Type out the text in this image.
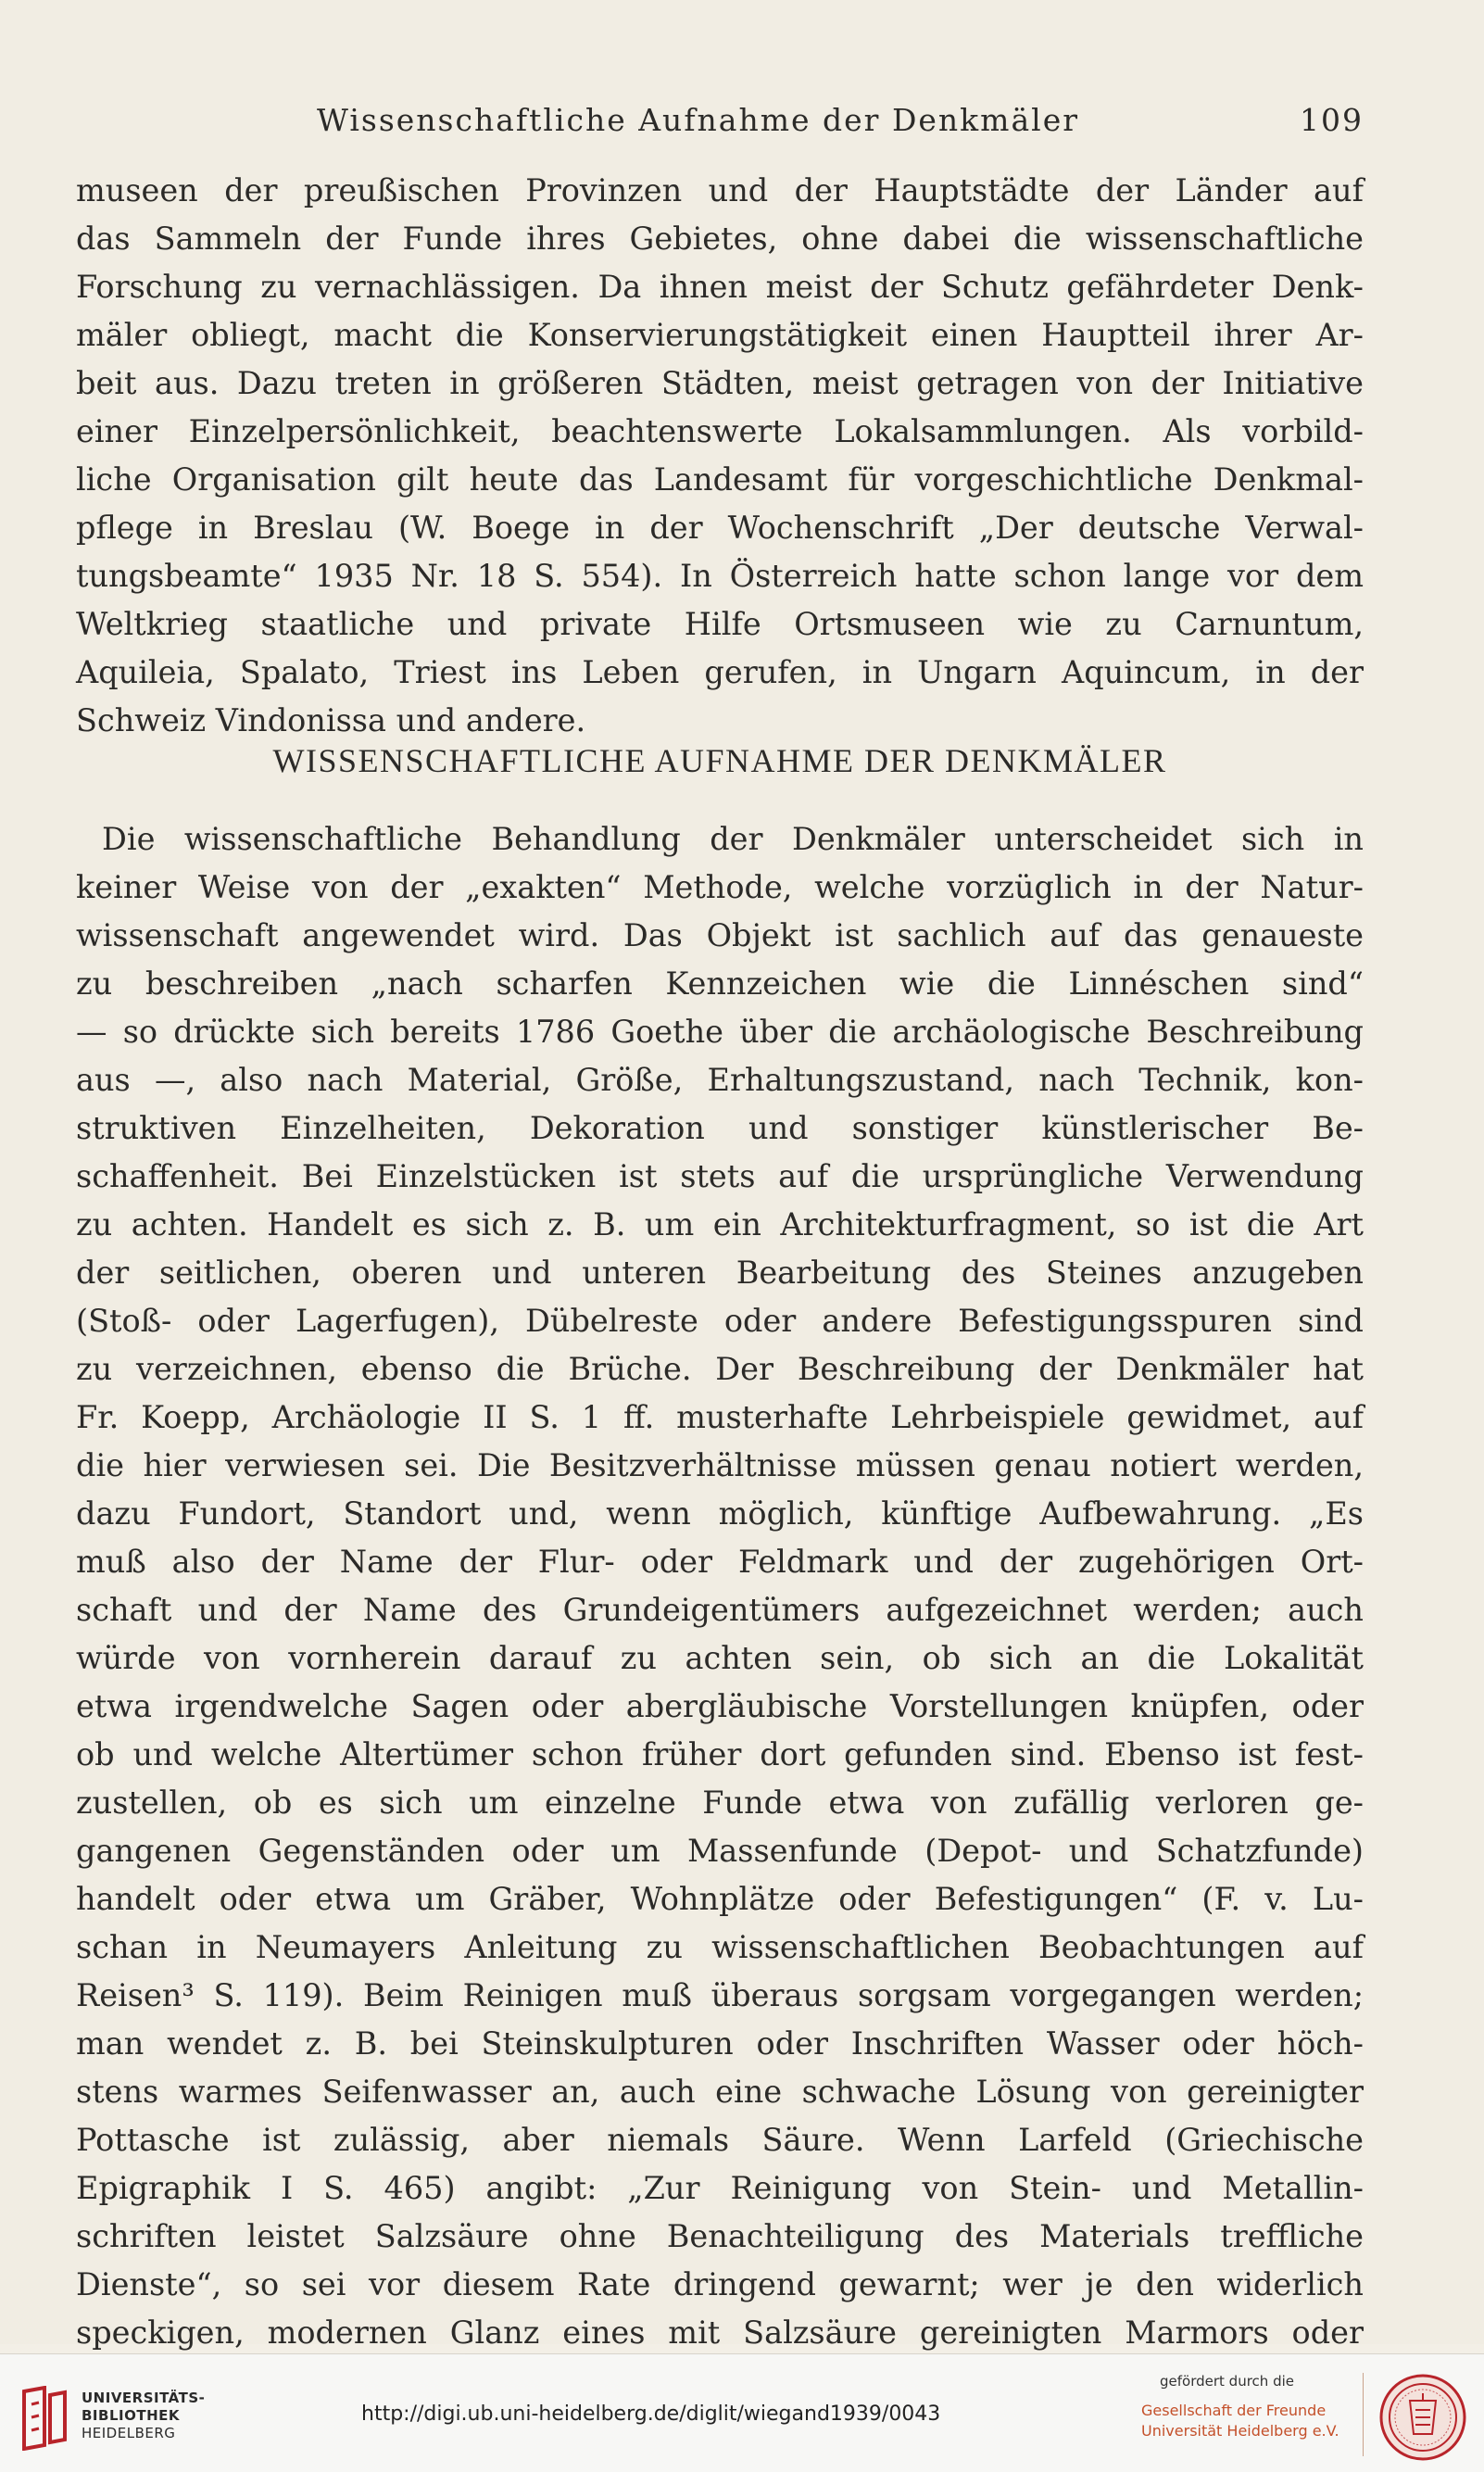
Wissenschaftliche Aufnahme der Denkmäler	109
museen der preußischen Provinzen und der Hauptstädte der Länder auf
das Sammeln der Funde ihres Gebietes, ohne dabei die wissenschaftliche
Forschung zu vernachlässigen. Da ihnen meist der Schutz gefährdeter Denk-
mäler obliegt, macht die Konservierungstätigkeit einen Hauptteil ihrer Ar-
beit aus. Dazu treten in größeren Städten, meist getragen von der Initiative
einer Einzelpersönlichkeit, beachtenswerte Lokalsammlungen. Als vorbild-
liche Organisation gilt heute das Landesamt für vorgeschichtliche Denkmal-
pflege in Breslau (W. Boege in der Wochenschrift „Der deutsche Verwal-
tungsbeamte“ 1935 Nr. 18 S. 554). In Österreich hatte schon lange vor dem
Weltkrieg staatliche und private Hilfe Ortsmuseen wie zu Carnuntum,
Aquileia, Spalato, Triest ins Leben gerufen, in Ungarn Aquincum, in der
Schweiz Vindonissa und andere.
WISSENSCHAFTLICHE AUFNAHME DER DENKMÄLER
Die wissenschaftliche Behandlung der Denkmäler unterscheidet sich in
keiner Weise von der „exakten“ Methode, welche vorzüglich in der Natur-
wissenschaft angewendet wird. Das Objekt ist sachlich auf das genaueste
zu beschreiben „nach scharfen Kennzeichen wie die Linnéschen sind“
— so drückte sich bereits 1786 Goethe über die archäologische Beschreibung
aus —, also nach Material, Größe, Erhaltungszustand, nach Technik, kon-
struktiven Einzelheiten, Dekoration und sonstiger künstlerischer Be-
schaffenheit. Bei Einzelstücken ist stets auf die ursprüngliche Verwendung
zu achten. Handelt es sich z. B. um ein Architekturfragment, so ist die Art
der seitlichen, oberen und unteren Bearbeitung des Steines anzugeben
(Stoß- oder Lagerfugen), Dübelreste oder andere Befestigungsspuren sind
zu verzeichnen, ebenso die Brüche. Der Beschreibung der Denkmäler hat
Fr. Koepp, Archäologie II S. 1 ff. musterhafte Lehrbeispiele gewidmet, auf
die hier verwiesen sei. Die Besitzverhältnisse müssen genau notiert werden,
dazu Fundort, Standort und, wenn möglich, künftige Aufbewahrung. „Es
muß also der Name der Flur- oder Feldmark und der zugehörigen Ort-
schaft und der Name des Grundeigentümers aufgezeichnet werden; auch
würde von vornherein darauf zu achten sein, ob sich an die Lokalität
etwa irgendwelche Sagen oder abergläubische Vorstellungen knüpfen, oder
ob und welche Altertümer schon früher dort gefunden sind. Ebenso ist fest-
zustellen, ob es sich um einzelne Funde etwa von zufällig verloren ge-
gangenen Gegenständen oder um Massenfunde (Depot- und Schatzfunde)
handelt oder etwa um Gräber, Wohnplätze oder Befestigungen“ (F. v. Lu-
schan in Neumayers Anleitung zu wissenschaftlichen Beobachtungen auf
Reisen³ S. 119). Beim Reinigen muß überaus sorgsam vorgegangen werden;
man wendet z. B. bei Steinskulpturen oder Inschriften Wasser oder höch-
stens warmes Seifenwasser an, auch eine schwache Lösung von gereinigter
Pottasche ist zulässig, aber niemals Säure. Wenn Larfeld (Griechische
Epigraphik I S. 465) angibt: „Zur Reinigung von Stein- und Metallin-
schriften leistet Salzsäure ohne Benachteiligung des Materials treffliche
Dienste“, so sei vor diesem Rate dringend gewarnt; wer je den widerlich
speckigen, modernen Glanz eines mit Salzsäure gereinigten Marmors oder
UNIVERSITÄTS-
BIBLIOTHEK
HEIDELBERG
http://digi.ub.uni-heidelberg.de/diglit/wiegand1939/0043
gefördert durch die
Gesellschaft der Freunde
Universität Heidelberg e.V.
